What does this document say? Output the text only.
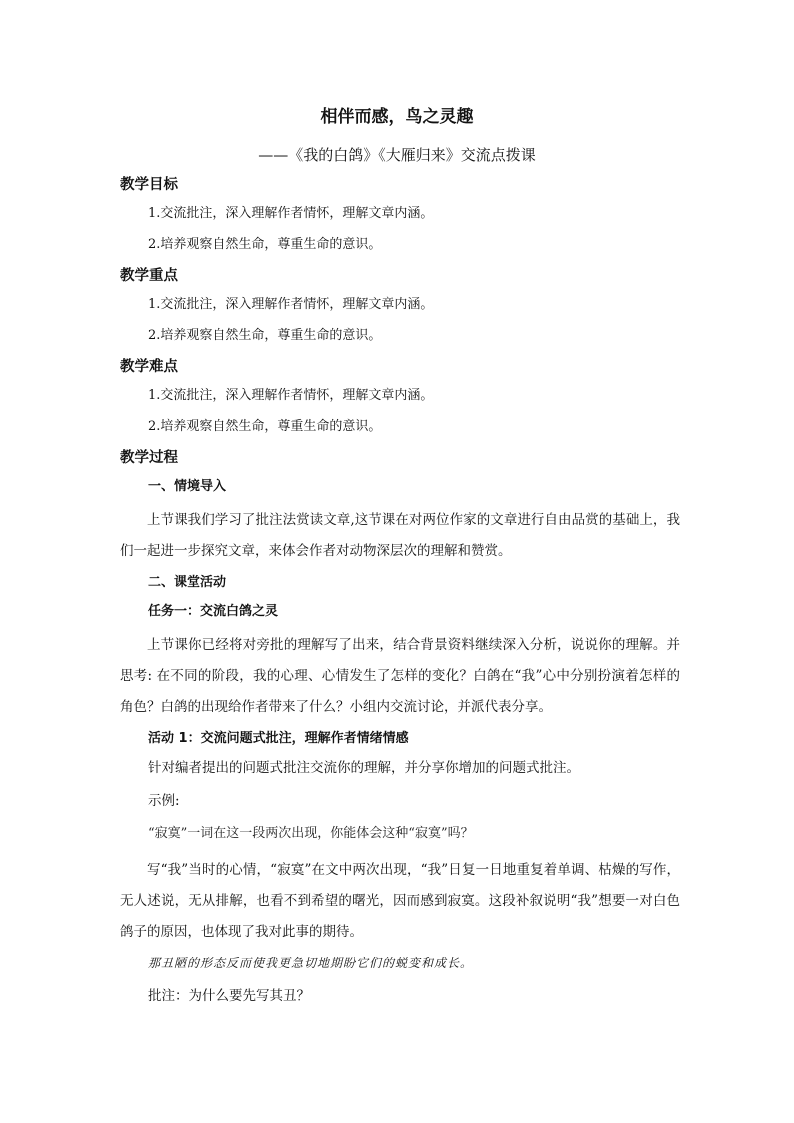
相伴而感，鸟之灵趣
——《我的白鸽》《大雁归来》交流点拨课
教学目标
1.交流批注，深入理解作者情怀，理解文章内涵。
2.培养观察自然生命，尊重生命的意识。
教学重点
1.交流批注，深入理解作者情怀，理解文章内涵。
2.培养观察自然生命，尊重生命的意识。
教学难点
1.交流批注，深入理解作者情怀，理解文章内涵。
2.培养观察自然生命，尊重生命的意识。
教学过程
一、情境导入
上节课我们学习了批注法赏读文章,这节课在对两位作家的文章进行自由品赏的基础上，我们一起进一步探究文章，来体会作者对动物深层次的理解和赞赏。
二、课堂活动
任务一：交流白鸽之灵
上节课你已经将对旁批的理解写了出来，结合背景资料继续深入分析，说说你的理解。并思考: 在不同的阶段，我的心理、心情发生了怎样的变化？白鸽在“我”心中分别扮演着怎样的角色？白鸽的出现给作者带来了什么？小组内交流讨论，并派代表分享。
活动 1：交流问题式批注，理解作者情绪情感
针对编者提出的问题式批注交流你的理解，并分享你增加的问题式批注。
示例:
“寂寞”一词在这一段两次出现，你能体会这种“寂寞”吗？
写“我”当时的心情，“寂寞”在文中两次出现，“我”日复一日地重复着单调、枯燥的写作，无人述说，无从排解，也看不到希望的曙光，因而感到寂寞。这段补叙说明“我”想要一对白色鸽子的原因，也体现了我对此事的期待。
那丑陋的形态反而使我更急切地期盼它们的蜕变和成长。
批注：为什么要先写其丑？
